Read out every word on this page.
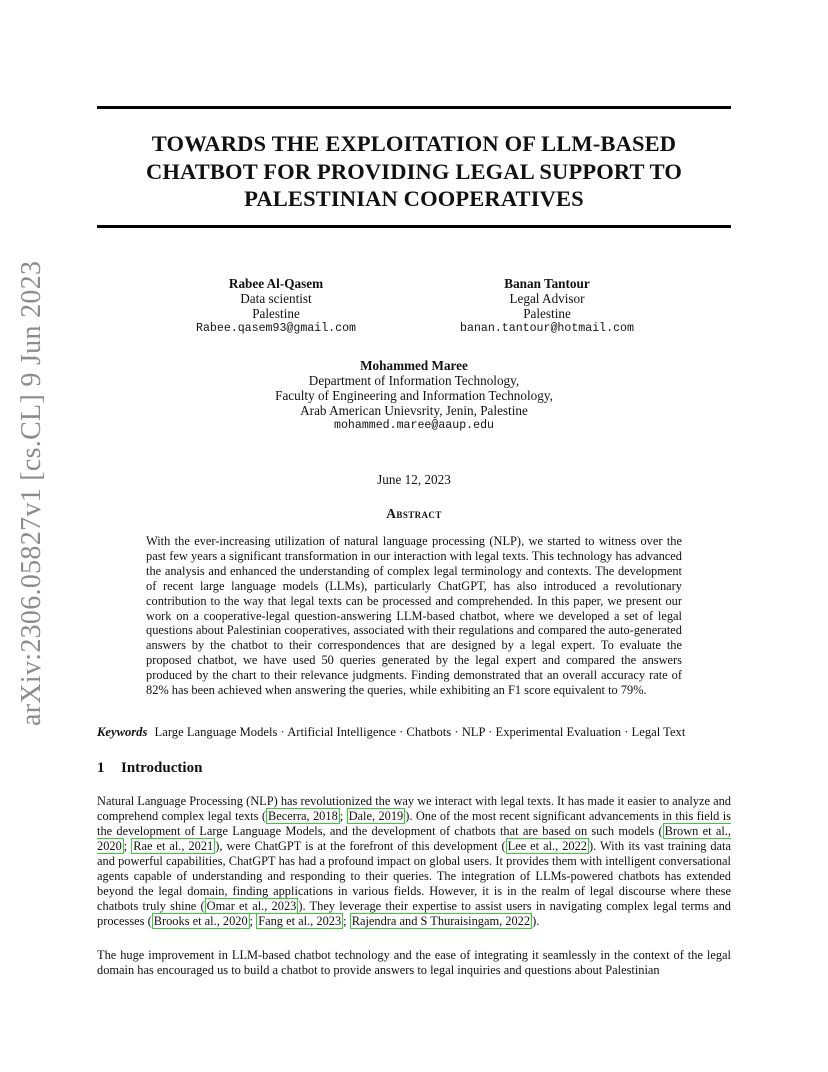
arXiv:2306.05827v1 [cs.CL] 9 Jun 2023
TOWARDS THE EXPLOITATION OF LLM-BASED CHATBOT FOR PROVIDING LEGAL SUPPORT TO PALESTINIAN COOPERATIVES
Rabee Al-Qasem
Data scientist
Palestine
Rabee.qasem93@gmail.com
Banan Tantour
Legal Advisor
Palestine
banan.tantour@hotmail.com
Mohammed Maree
Department of Information Technology,
Faculty of Engineering and Information Technology,
Arab American Unievsrity, Jenin, Palestine
mohammed.maree@aaup.edu
June 12, 2023
Abstract
With the ever-increasing utilization of natural language processing (NLP), we started to witness over the past few years a significant transformation in our interaction with legal texts. This technology has advanced the analysis and enhanced the understanding of complex legal terminology and contexts. The development of recent large language models (LLMs), particularly ChatGPT, has also introduced a revolutionary contribution to the way that legal texts can be processed and comprehended. In this paper, we present our work on a cooperative-legal question-answering LLM-based chatbot, where we developed a set of legal questions about Palestinian cooperatives, associated with their regulations and compared the auto-generated answers by the chatbot to their correspondences that are designed by a legal expert. To evaluate the proposed chatbot, we have used 50 queries generated by the legal expert and compared the answers produced by the chart to their relevance judgments. Finding demonstrated that an overall accuracy rate of 82% has been achieved when answering the queries, while exhibiting an F1 score equivalent to 79%.
Keywords Large Language Models · Artificial Intelligence · Chatbots · NLP · Experimental Evaluation · Legal Text
1 Introduction
Natural Language Processing (NLP) has revolutionized the way we interact with legal texts. It has made it easier to analyze and comprehend complex legal texts ( Becerra, 2018 ; Dale, 2019 ). One of the most recent significant advancements in this field is the development of Large Language Models, and the development of chatbots that are based on such models ( Brown et al., 2020 ; Rae et al., 2021 ), were ChatGPT is at the forefront of this development ( Lee et al., 2022 ). With its vast training data and powerful capabilities, ChatGPT has had a profound impact on global users. It provides them with intelligent conversational agents capable of understanding and responding to their queries. The integration of LLMs-powered chatbots has extended beyond the legal domain, finding applications in various fields. However, it is in the realm of legal discourse where these chatbots truly shine ( Omar et al., 2023 ). They leverage their expertise to assist users in navigating complex legal terms and processes ( Brooks et al., 2020 ; Fang et al., 2023 ; Rajendra and S Thuraisingam, 2022 ).
The huge improvement in LLM-based chatbot technology and the ease of integrating it seamlessly in the context of the legal domain has encouraged us to build a chatbot to provide answers to legal inquiries and questions about Palestinian
